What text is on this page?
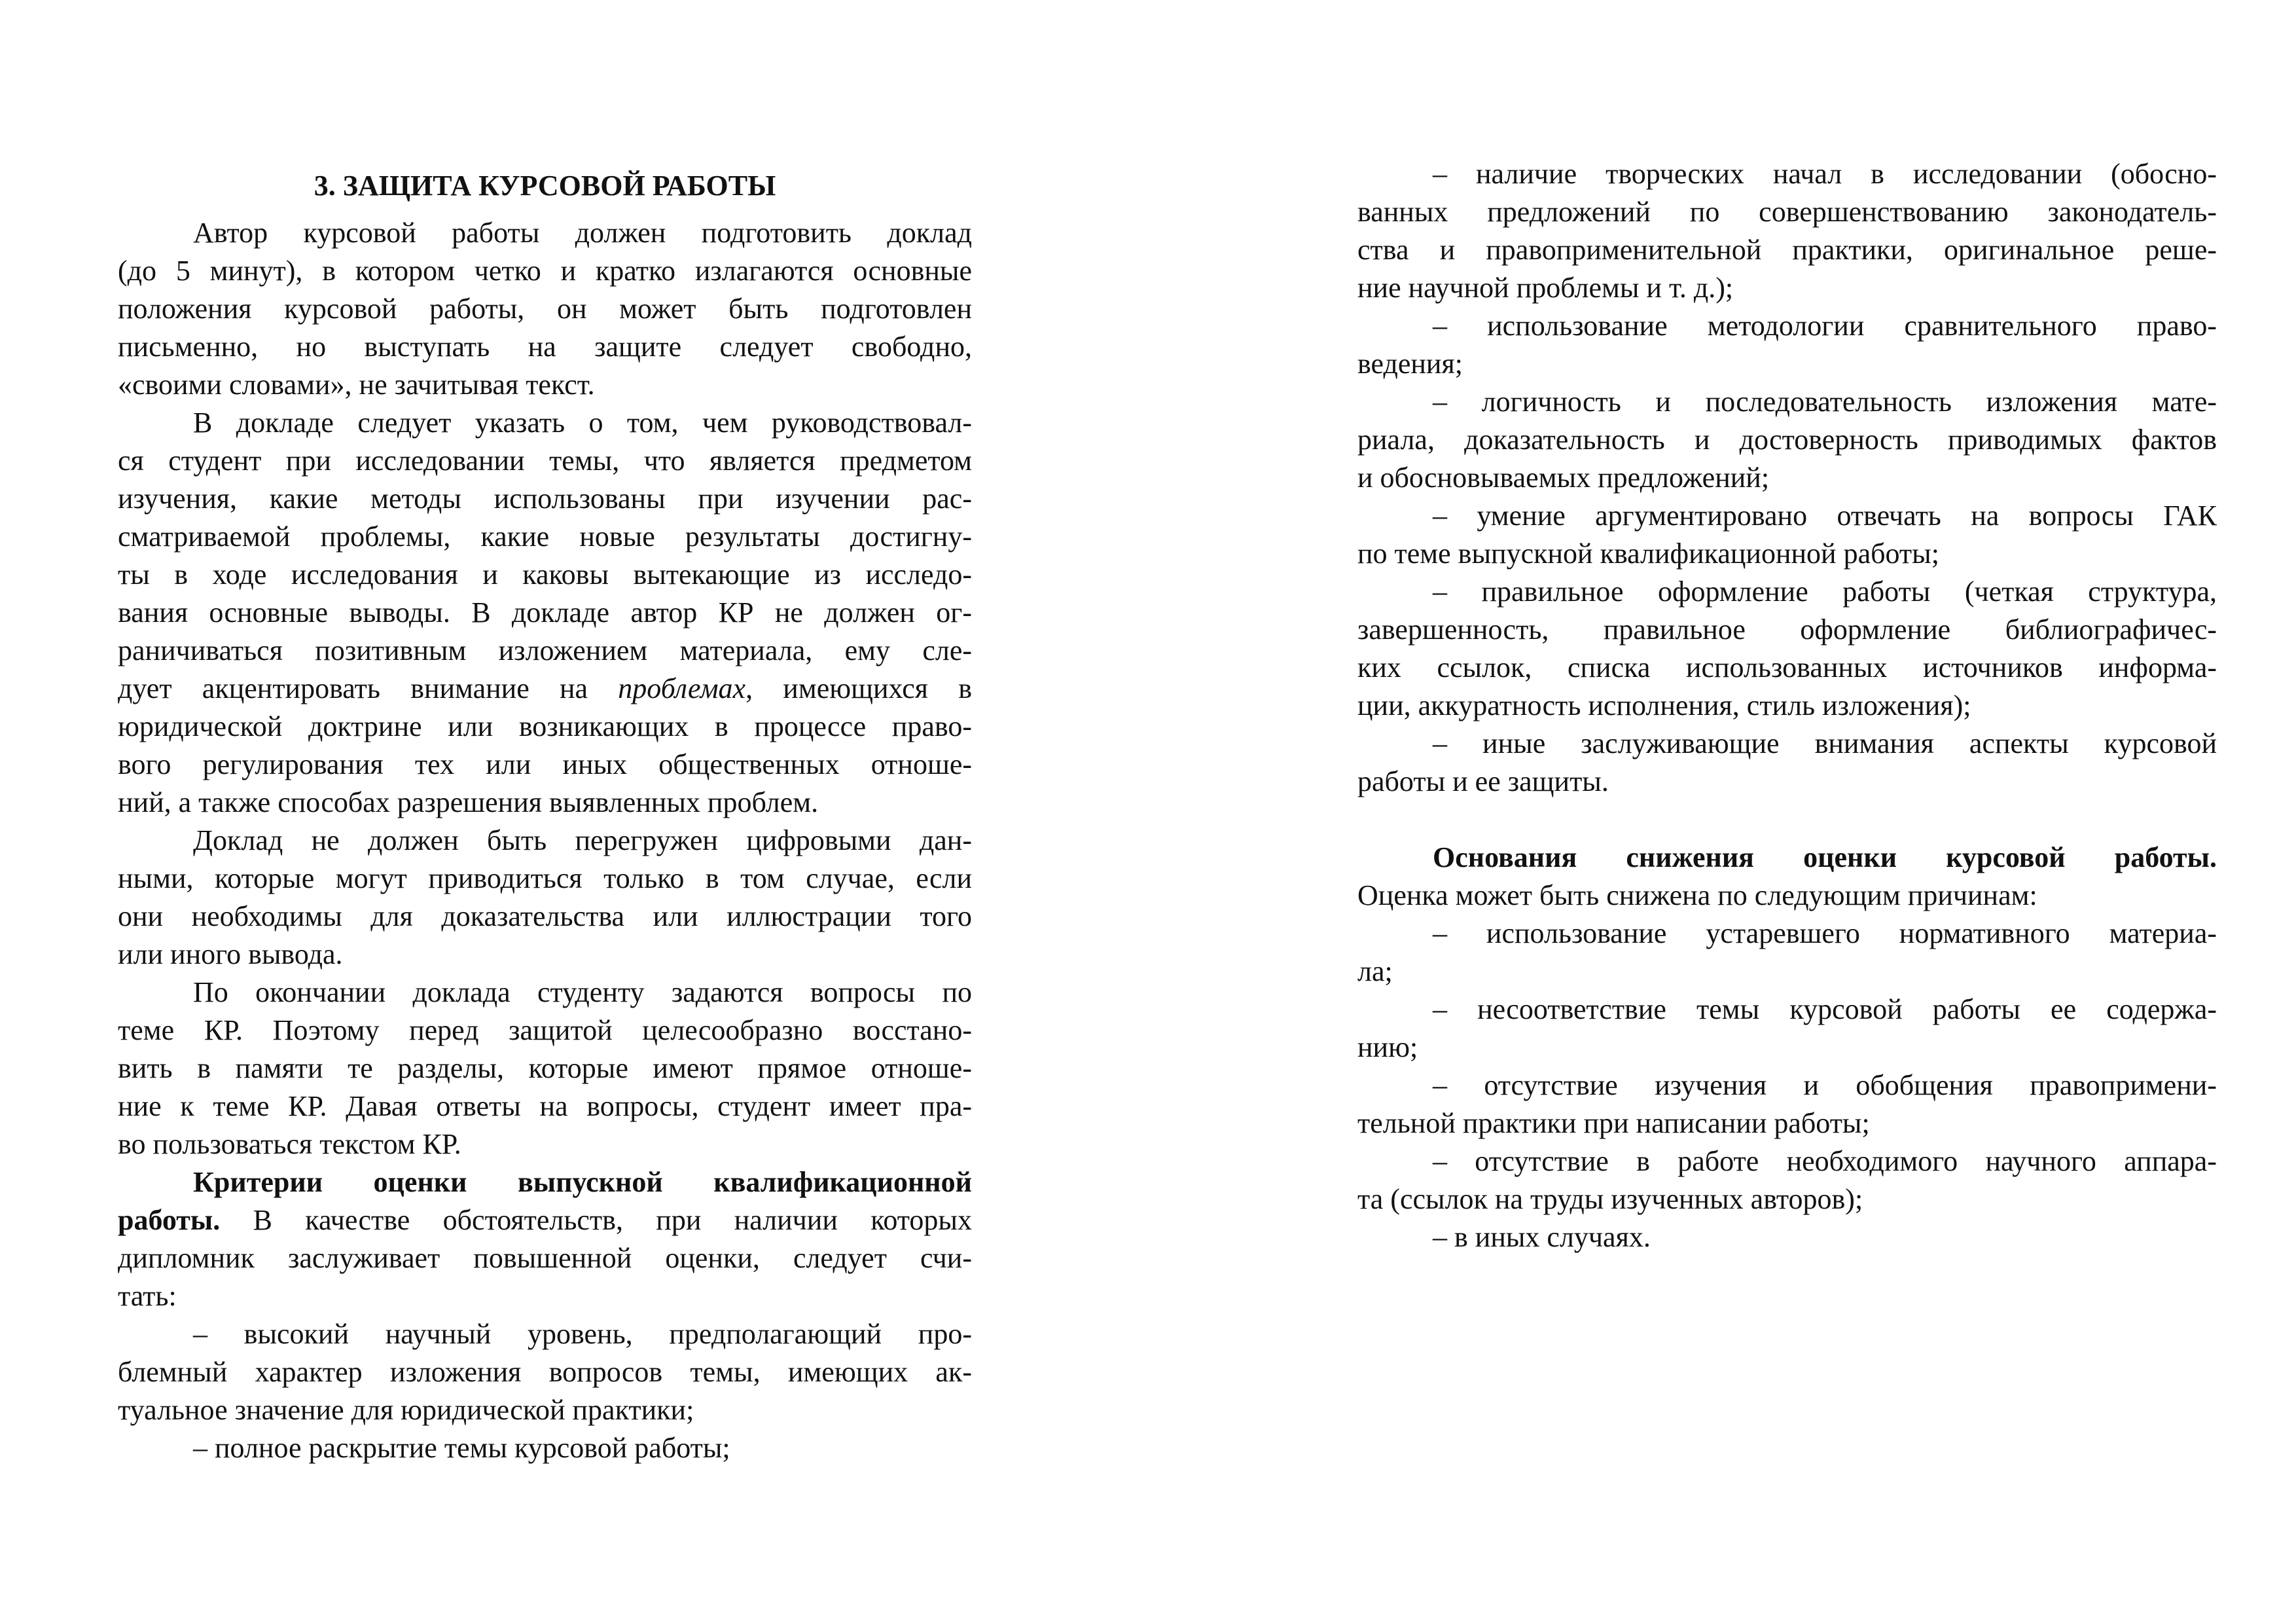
3. ЗАЩИТА КУРСОВОЙ РАБОТЫ
Автор курсовой работы должен подготовить доклад
(до 5 минут), в котором четко и кратко излагаются основные
положения курсовой работы, он может быть подготовлен
письменно, но выступать на защите следует свободно,
«своими словами», не зачитывая текст.
В докладе следует указать о том, чем руководствовал-
ся студент при исследовании темы, что является предметом
изучения, какие методы использованы при изучении рас-
сматриваемой проблемы, какие новые результаты достигну-
ты в ходе исследования и каковы вытекающие из исследо-
вания основные выводы. В докладе автор КР не должен ог-
раничиваться позитивным изложением материала, ему сле-
дует акцентировать внимание на проблемах, имеющихся в
юридической доктрине или возникающих в процессе право-
вого регулирования тех или иных общественных отноше-
ний, а также способах разрешения выявленных проблем.
Доклад не должен быть перегружен цифровыми дан-
ными, которые могут приводиться только в том случае, если
они необходимы для доказательства или иллюстрации того
или иного вывода.
По окончании доклада студенту задаются вопросы по
теме КР. Поэтому перед защитой целесообразно восстано-
вить в памяти те разделы, которые имеют прямое отноше-
ние к теме КР. Давая ответы на вопросы, студент имеет пра-
во пользоваться текстом КР.
Критерии оценки выпускной квалификационной
работы. В качестве обстоятельств, при наличии которых
дипломник заслуживает повышенной оценки, следует счи-
тать:
– высокий научный уровень, предполагающий про-
блемный характер изложения вопросов темы, имеющих ак-
туальное значение для юридической практики;
– полное раскрытие темы курсовой работы;
– наличие творческих начал в исследовании (обосно-
ванных предложений по совершенствованию законодатель-
ства и правоприменительной практики, оригинальное реше-
ние научной проблемы и т. д.);
– использование методологии сравнительного право-
ведения;
– логичность и последовательность изложения мате-
риала, доказательность и достоверность приводимых фактов
и обосновываемых предложений;
– умение аргументировано отвечать на вопросы ГАК
по теме выпускной квалификационной работы;
– правильное оформление работы (четкая структура,
завершенность, правильное оформление библиографичес-
ких ссылок, списка использованных источников информа-
ции, аккуратность исполнения, стиль изложения);
– иные заслуживающие внимания аспекты курсовой
работы и ее защиты.
Основания снижения оценки курсовой работы.
Оценка может быть снижена по следующим причинам:
– использование устаревшего нормативного материа-
ла;
– несоответствие темы курсовой работы ее содержа-
нию;
– отсутствие изучения и обобщения правопримени-
тельной практики при написании работы;
– отсутствие в работе необходимого научного аппара-
та (ссылок на труды изученных авторов);
– в иных случаях.
